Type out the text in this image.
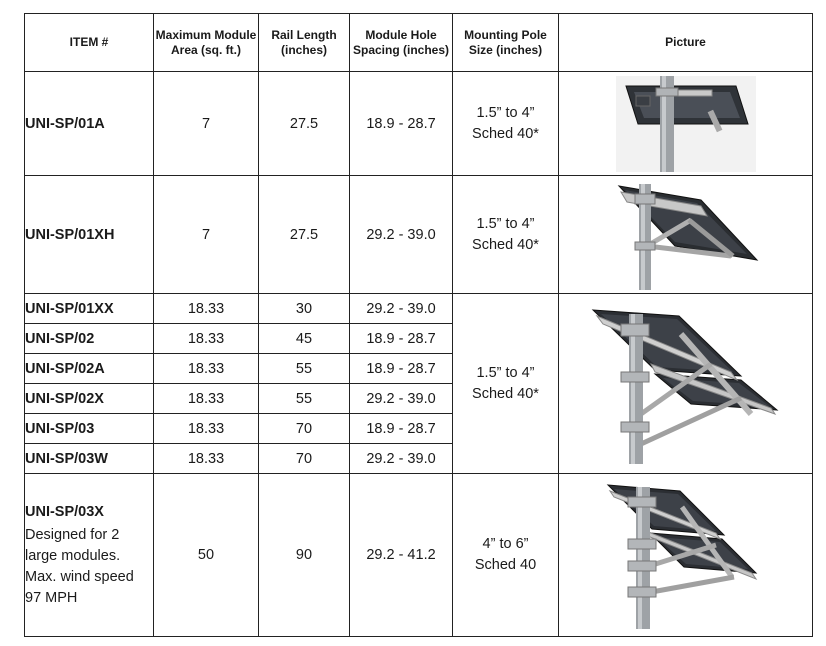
ITEM #	Maximum Module Area (sq. ft.)	Rail Length (inches)	Module Hole Spacing (inches)	Mounting Pole Size (inches)	Picture
UNI-SP/01A	7	27.5	18.9 - 28.7	1.5” to 4”
Sched 40*	

UNI-SP/01XH	7	27.5	29.2 - 39.0	1.5” to 4”
Sched 40*	

UNI-SP/01XX	18.33	30	29.2 - 39.0	1.5” to 4”
Sched 40*	

UNI-SP/02	18.33	45	18.9 - 28.7		
UNI-SP/02A	18.33	55	18.9 - 28.7		
UNI-SP/02X	18.33	55	29.2 - 39.0		
UNI-SP/03	18.33	70	18.9 - 28.7		
UNI-SP/03W	18.33	70	29.2 - 39.0		

UNI-SP/03X
Designed for 2 large modules. Max. wind speed 97 MPH	50	90	29.2 - 41.2	4” to 6”
Sched 40	
